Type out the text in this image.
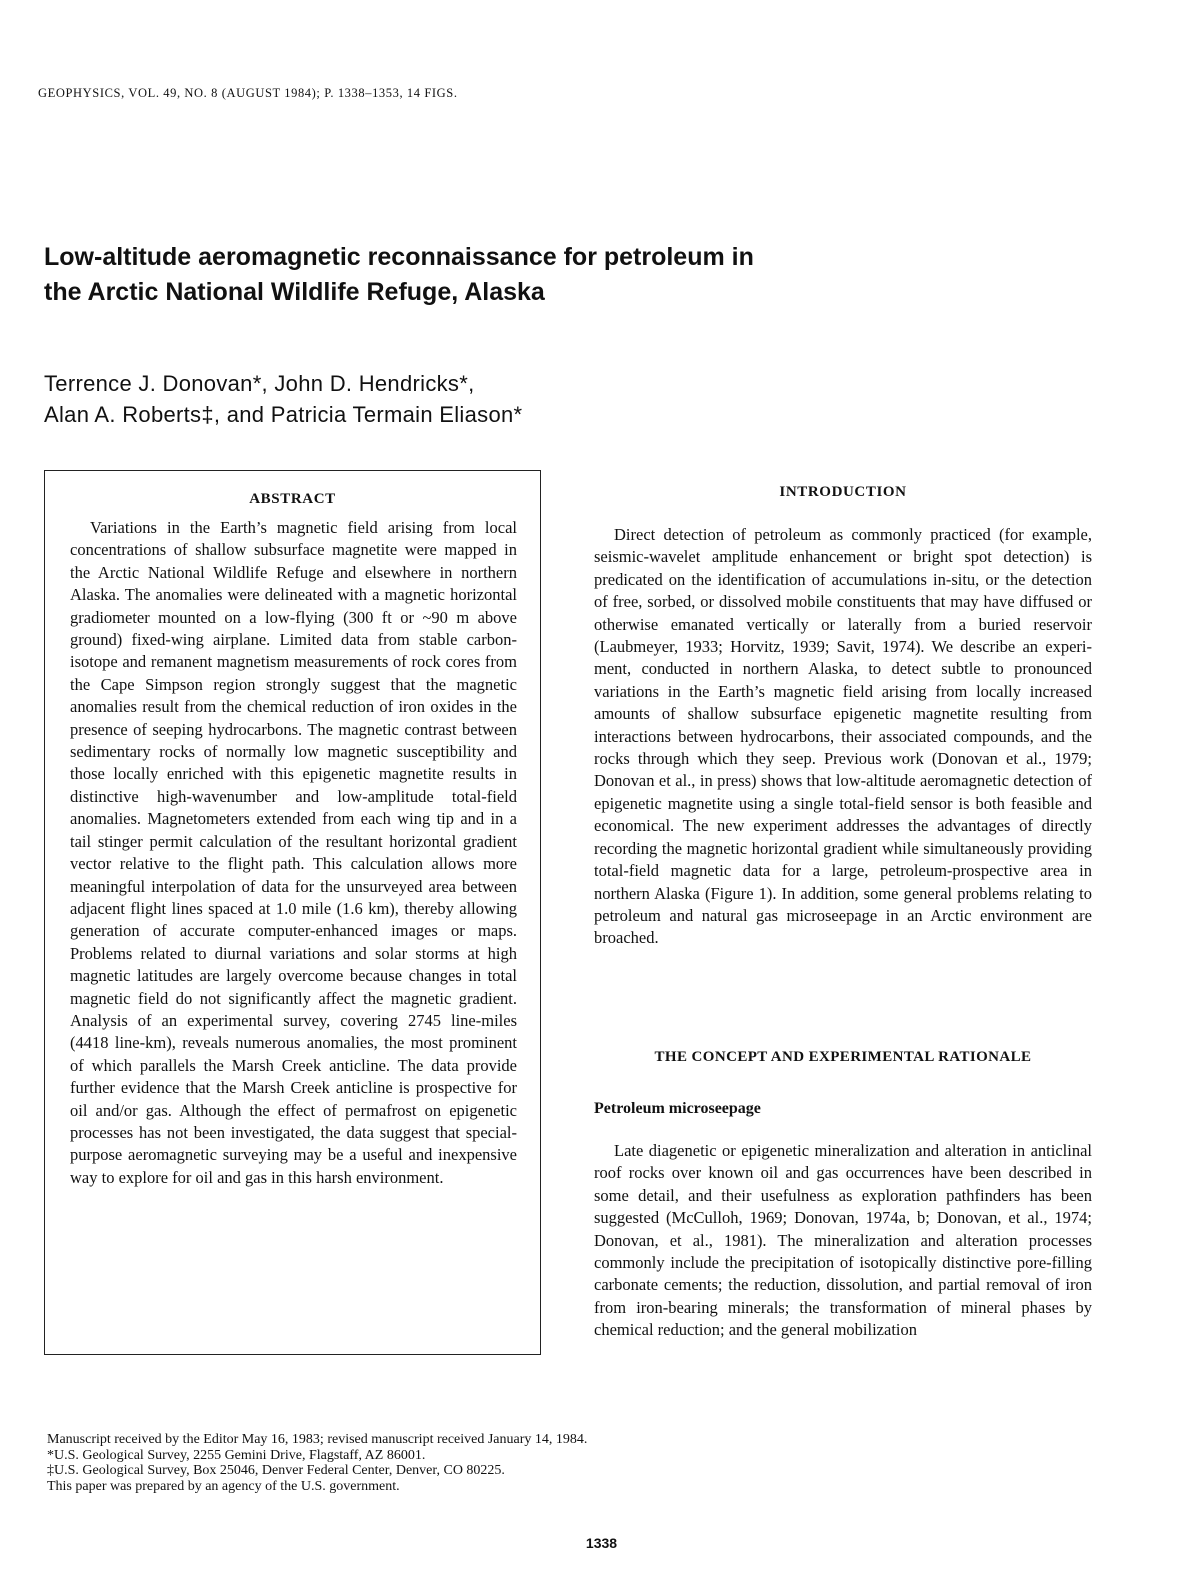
GEOPHYSICS, VOL. 49, NO. 8 (AUGUST 1984); P. 1338–1353, 14 FIGS.
Low-altitude aeromagnetic reconnaissance for petroleum in
the Arctic National Wildlife Refuge, Alaska
Terrence J. Donovan*, John D. Hendricks*,
Alan A. Roberts‡, and Patricia Termain Eliason*
ABSTRACT

Variations in the Earth’s magnetic field arising from local concentrations of shallow subsurface magnetite were mapped in the Arctic National Wildlife Refuge and elsewhere in northern Alaska. The anomalies were delineated with a magnetic horizontal gradiometer mounted on a low-flying (300 ft or ~90 m above ground) fixed-wing airplane. Limited data from stable carbon-isotope and remanent magnetism measurements of rock cores from the Cape Simpson region strongly suggest that the magnetic anomalies result from the chemical reduction of iron oxides in the presence of seeping hydrocarbons. The magnetic contrast between sedimentary rocks of normally low magnetic susceptibility and those locally enriched with this epigenetic magnetite results in distinctive high-wavenumber and low-amplitude total-field anomalies. Magnetometers extended from each wing tip and in a tail stinger permit calculation of the resultant horizontal gradient vector relative to the flight path. This calculation allows more meaningful interpolation of data for the unsurveyed area between adjacent flight lines spaced at 1.0 mile (1.6 km), thereby allowing generation of accurate computer-enhanced images or maps. Problems related to diurnal variations and solar storms at high magnetic latitudes are largely overcome because changes in total magnetic field do not significantly affect the magnetic gradient. Analysis of an experimental survey, covering 2745 line-miles (4418 line-km), reveals numerous anomalies, the most prominent of which parallels the Marsh Creek anticline. The data provide further evidence that the Marsh Creek anticline is prospective for oil and/or gas. Although the effect of permafrost on epigenetic processes has not been investigated, the data suggest that special-purpose aeromagnetic surveying may be a useful and inexpensive way to explore for oil and gas in this harsh environment.

INTRODUCTION

Direct detection of petroleum as commonly practiced (for example, seismic-wavelet amplitude enhancement or bright spot detection) is predicated on the identification of accumulations in-situ, or the detection of free, sorbed, or dissolved mobile constituents that may have diffused or otherwise emanated vertically or laterally from a buried reservoir (Laubmeyer, 1933; Horvitz, 1939; Savit, 1974). We describe an experiment, conducted in northern Alaska, to detect subtle to pronounced variations in the Earth’s magnetic field arising from locally increased amounts of shallow subsurface epigenetic magnetite resulting from interactions between hydrocarbons, their associated compounds, and the rocks through which they seep. Previous work (Donovan et al., 1979; Donovan et al., in press) shows that low-altitude aeromagnetic detection of epigenetic magnetite using a single total-field sensor is both feasible and economical. The new experiment addresses the advantages of directly recording the magnetic horizontal gradient while simultaneously providing total-field magnetic data for a large, petroleum-prospective area in northern Alaska (Figure 1). In addition, some general problems relating to petroleum and natural gas microseepage in an Arctic environment are broached.

THE CONCEPT AND EXPERIMENTAL RATIONALE
Petroleum microseepage

Late diagenetic or epigenetic mineralization and alteration in anticlinal roof rocks over known oil and gas occurrences have been described in some detail, and their usefulness as exploration pathfinders has been suggested (McCulloh, 1969; Donovan, 1974a, b; Donovan, et al., 1974; Donovan, et al., 1981). The mineralization and alteration processes commonly include the precipitation of isotopically distinctive pore-filling carbonate cements; the reduction, dissolution, and partial removal of iron from iron-bearing minerals; the transformation of mineral phases by chemical reduction; and the general mobilization

Manuscript received by the Editor May 16, 1983; revised manuscript received January 14, 1984.
*U.S. Geological Survey, 2255 Gemini Drive, Flagstaff, AZ 86001.
‡U.S. Geological Survey, Box 25046, Denver Federal Center, Denver, CO 80225.
This paper was prepared by an agency of the U.S. government.
1338
